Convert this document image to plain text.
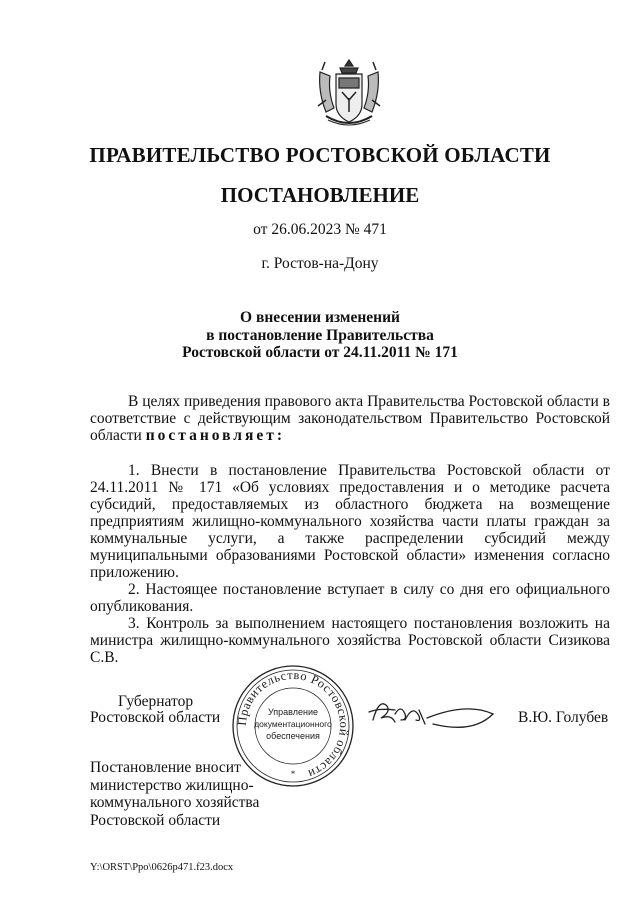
ПРАВИТЕЛЬСТВО РОСТОВСКОЙ ОБЛАСТИ
ПОСТАНОВЛЕНИЕ
от 26.06.2023 № 471
г. Ростов-на-Дону
О внесении изменений
в постановление Правительства
Ростовской области от 24.11.2011 № 171

В целях приведения правового акта Правительства Ростовской области в соответствие с действующим законодательством Правительство Ростовской области постановляет:

1. Внести в постановление Правительства Ростовской области от 24.11.2011 № 171 «Об условиях предоставления и о методике расчета субсидий, предоставляемых из областного бюджета на возмещение предприятиям жилищно-коммунального хозяйства части платы граждан за коммунальные услуги, а также распределении субсидий между муниципальными образованиями Ростовской области» изменения согласно приложению.

2. Настоящее постановление вступает в силу со дня его официального опубликования.

3. Контроль за выполнением настоящего постановления возложить на министра жилищно-коммунального хозяйства Ростовской области Сизикова С.В.

Губернатор
Ростовской области	В.Ю. Голубев
Правительство Ростовской области
Управление
документационного
обеспечения
*
Постановление вносит
министерство жилищно-
коммунального хозяйства
Ростовской области
Y:\ORST\Ppo\0626p471.f23.docx
